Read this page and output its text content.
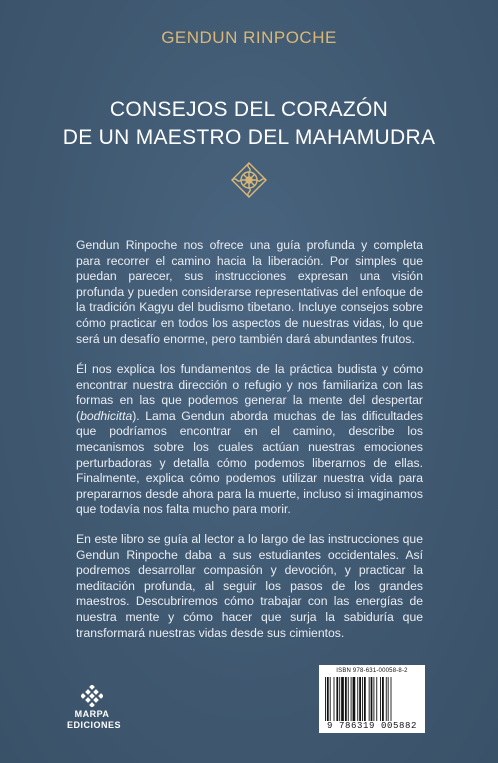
GENDUN RINPOCHE
CONSEJOS DEL CORAZÓN
DE UN MAESTRO DEL MAHAMUDRA
Gendun Rinpoche nos ofrece una guía profunda y completa para recorrer el camino hacia la liberación. Por simples que puedan parecer, sus instrucciones expresan una visión profunda y pueden considerarse representativas del enfoque de la tradición Kagyu del budismo tibetano. Incluye consejos sobre cómo practicar en todos los aspectos de nuestras vidas, lo que será un desafío enorme, pero también dará abundantes frutos.
Él nos explica los fundamentos de la práctica budista y cómo encontrar nuestra dirección o refugio y nos familiariza con las formas en las que podemos generar la mente del despertar (bodhicitta). Lama Gendun aborda muchas de las dificultades que podríamos encontrar en el camino, describe los mecanismos sobre los cuales actúan nuestras emociones perturbadoras y detalla cómo podemos liberarnos de ellas. Finalmente, explica cómo podemos utilizar nuestra vida para prepararnos desde ahora para la muerte, incluso si imaginamos que todavía nos falta mucho para morir.
En este libro se guía al lector a lo largo de las instrucciones que Gendun Rinpoche daba a sus estudiantes occidentales. Así podremos desarrollar compasión y devoción, y practicar la meditación profunda, al seguir los pasos de los grandes maestros. Descubriremos cómo trabajar con las energías de nuestra mente y cómo hacer que surja la sabiduría que transformará nuestras vidas desde sus cimientos.
MARPA
EDICIONES
ISBN 978-631-00058-8-2
9 786319 005882
